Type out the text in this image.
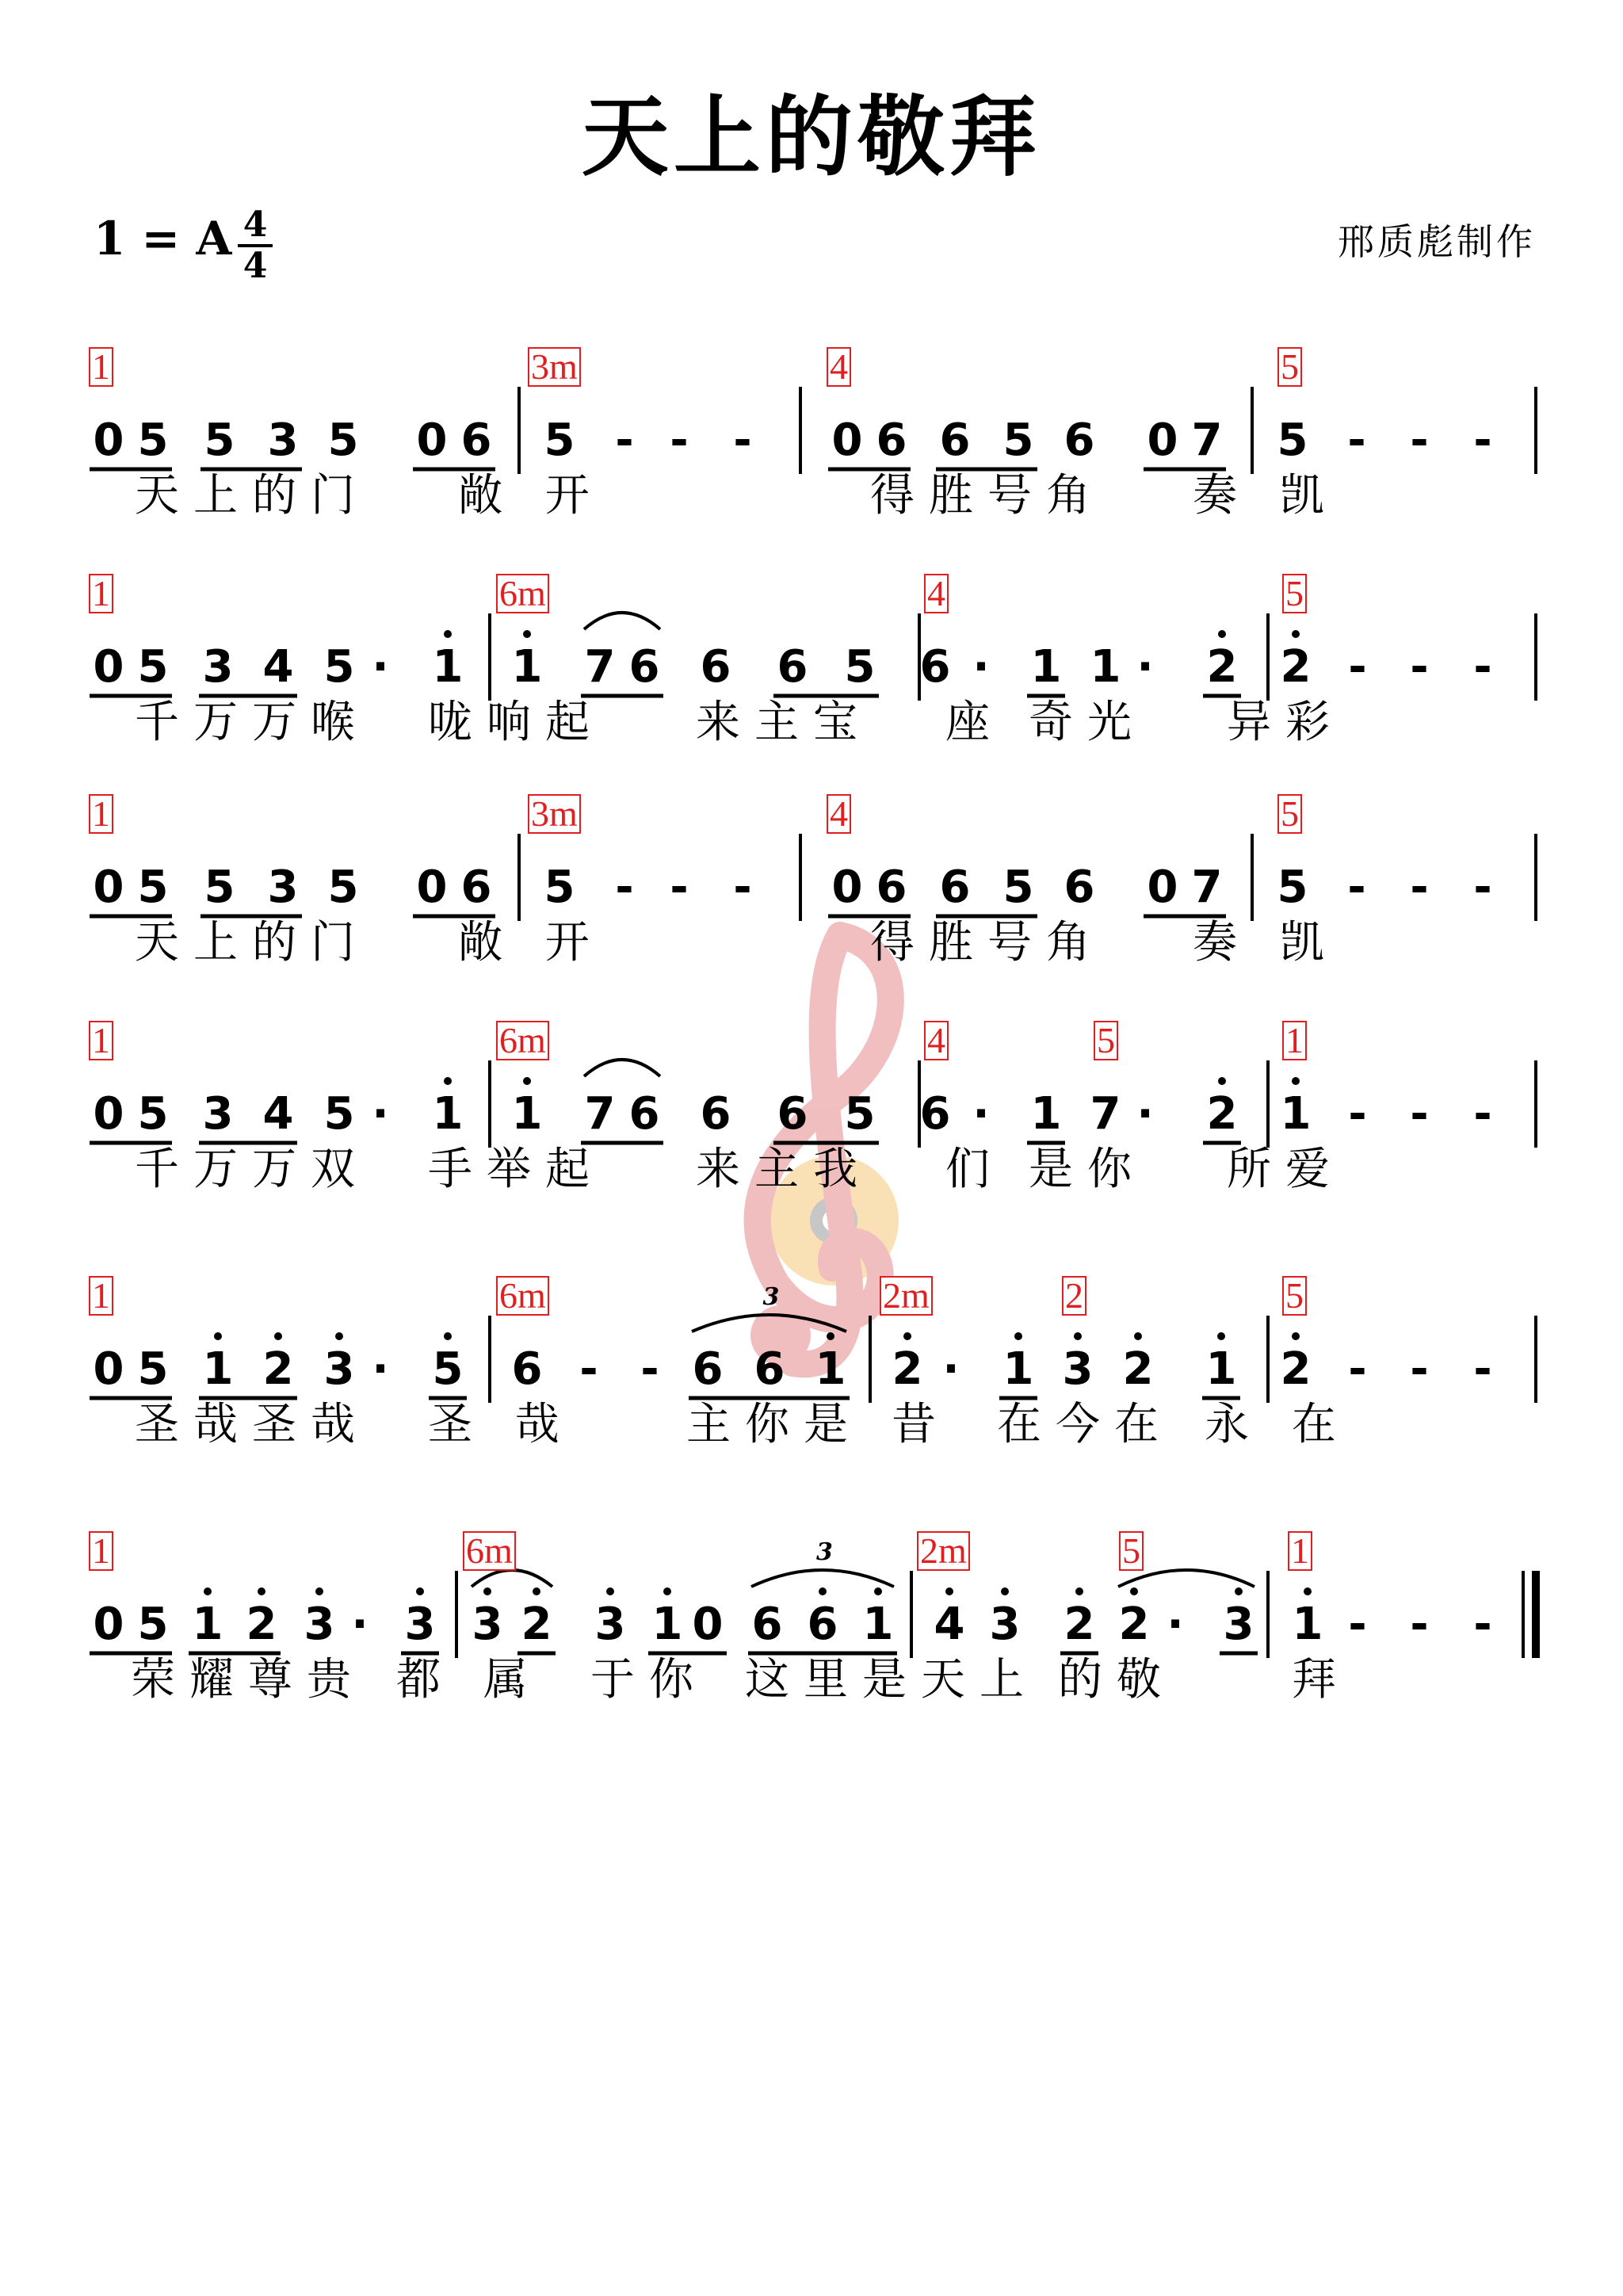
天上的敬拜
1 = A 4
4
邢质彪制作
1	3m	4	5
0 5 5 3 5 0 6 5 - -	-	0 6 6 5 6 0 7 5 - -	-
天上的门 敞 开	得胜号角 奏 凯
1	6m	4	5
0 5 3 4 5 · 1 1 7 6 6 6 5 6 · 1 1 ·	2 2 - -	-
千万万喉 咙响起 来主宝 座 奇光 异彩
1	3m	4	5
0 5 5 3 5 0 6 5 - -	-	0 6 6 5 6 0 7 5 - -	-
天上的门 敞 开	得胜号角 奏 凯
1	6m	4	5	1
0 5 3 4 5 · 1 1 7 6 6 6 5 6 · 1 7 ·	2 1 - -	-
千万万双 手举起 来主我 们 是你 所爱
1	6m	2m	2	5
0 5 1 2 3 · 5 6 - - 6 6 1 2 · 1 3 2 1 2 - -	-
3
圣哉圣哉 圣 哉	主你是 昔 在今在 永 在
1	6m	2m	5	1
0 5 1 2 3 · 3 3 2 3 1 0 6 6 1 4 3 2 2 · 3 1 - -	-
3
荣耀尊贵 都 属 于你 这里是天上 的敬	拜
